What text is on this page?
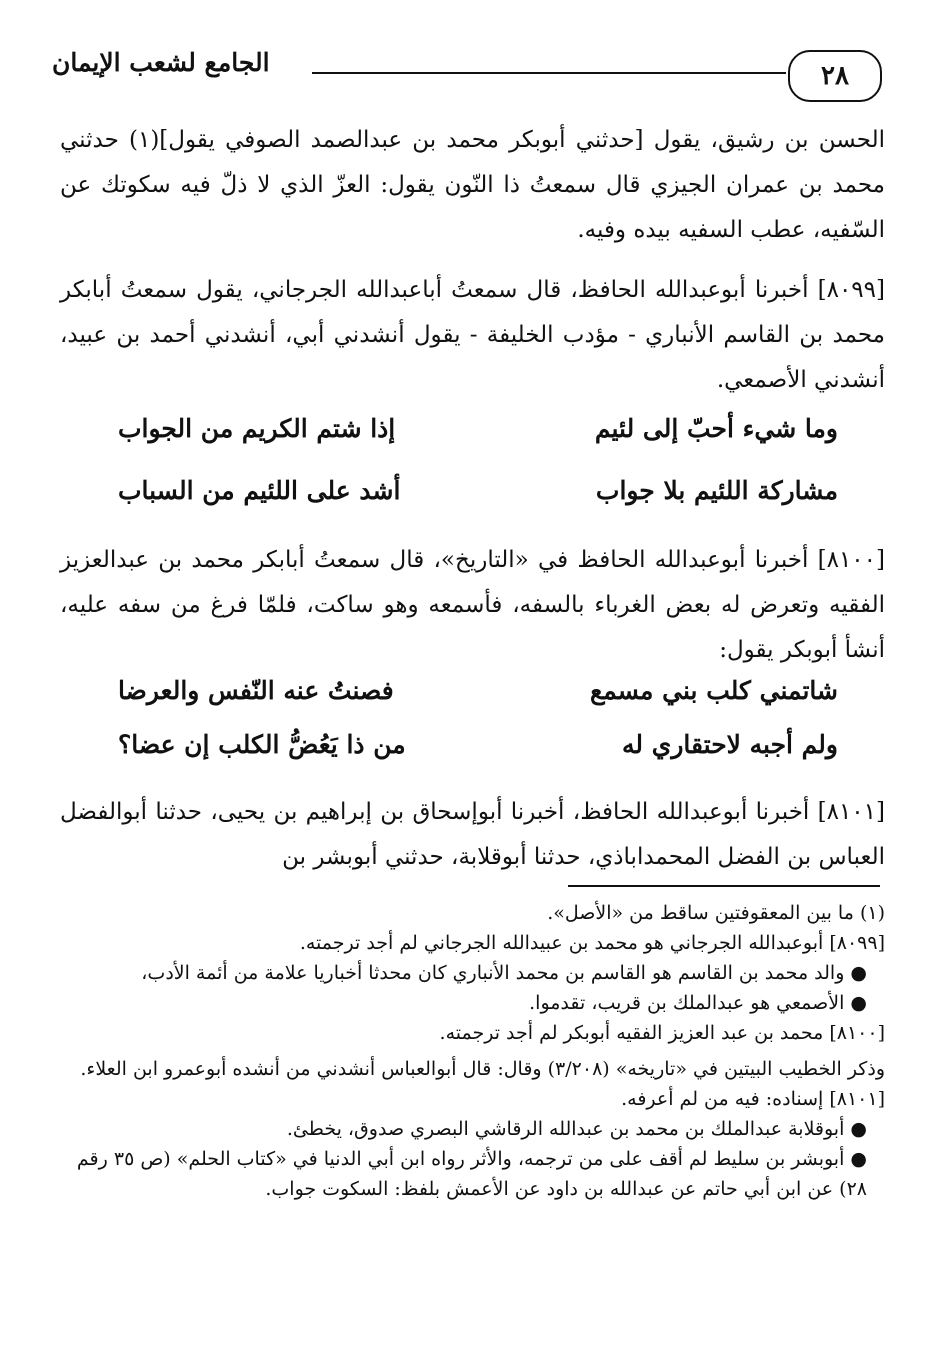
٢٨
الجامع لشعب الإيمان

الحسن بن رشيق، يقول [حدثني أبوبكر محمد بن عبدالصمد الصوفي يقول](١) حدثني محمد بن عمران الجيزي قال سمعتُ ذا النّون يقول: العزّ الذي لا ذلّ فيه سكوتك عن السّفيه، عطب السفيه بيده وفيه.

[٨٠٩٩] أخبرنا أبوعبدالله الحافظ، قال سمعتُ أباعبدالله الجرجاني، يقول سمعتُ أبابكر محمد بن القاسم الأنباري - مؤدب الخليفة - يقول أنشدني أبي، أنشدني أحمد بن عبيد، أنشدني الأصمعي.

وما شيء أحبّ إلى لئيم
إذا شتم الكريم من الجواب
مشاركة اللئيم بلا جواب
أشد على اللئيم من السباب

[٨١٠٠] أخبرنا أبوعبدالله الحافظ في «التاريخ»، قال سمعتُ أبابكر محمد بن عبدالعزيز الفقيه وتعرض له بعض الغرباء بالسفه، فأسمعه وهو ساكت، فلمّا فرغ من سفه عليه، أنشأ أبوبكر يقول:

شاتمني كلب بني مسمع
فصنتُ عنه النّفس والعرضا
ولم أجبه لاحتقاري له
من ذا يَعُضُّ الكلب إن عضا؟

[٨١٠١] أخبرنا أبوعبدالله الحافظ، أخبرنا أبوإسحاق بن إبراهيم بن يحيى، حدثنا أبوالفضل العباس بن الفضل المحمداباذي، حدثنا أبوقلابة، حدثني أبوبشر بن

(١) ما بين المعقوفتين ساقط من «الأصل».

[٨٠٩٩] أبوعبدالله الجرجاني هو محمد بن عبيدالله الجرجاني لم أجد ترجمته.

● والد محمد بن القاسم هو القاسم بن محمد الأنباري كان محدثا أخباريا علامة من أئمة الأدب،

● الأصمعي هو عبدالملك بن قريب، تقدموا.

[٨١٠٠] محمد بن عبد العزيز الفقيه أبوبكر لم أجد ترجمته.

وذكر الخطيب البيتين في «تاريخه» (٣/٢٠٨) وقال: قال أبوالعباس أنشدني من أنشده أبوعمرو ابن العلاء.

[٨١٠١] إسناده: فيه من لم أعرفه.

● أبوقلابة عبدالملك بن محمد بن عبدالله الرقاشي البصري صدوق، يخطئ.

● أبوبشر بن سليط لم أقف على من ترجمه، والأثر رواه ابن أبي الدنيا في «كتاب الحلم» (ص ٣٥ رقم ٢٨) عن ابن أبي حاتم عن عبدالله بن داود عن الأعمش بلفظ: السكوت جواب.
